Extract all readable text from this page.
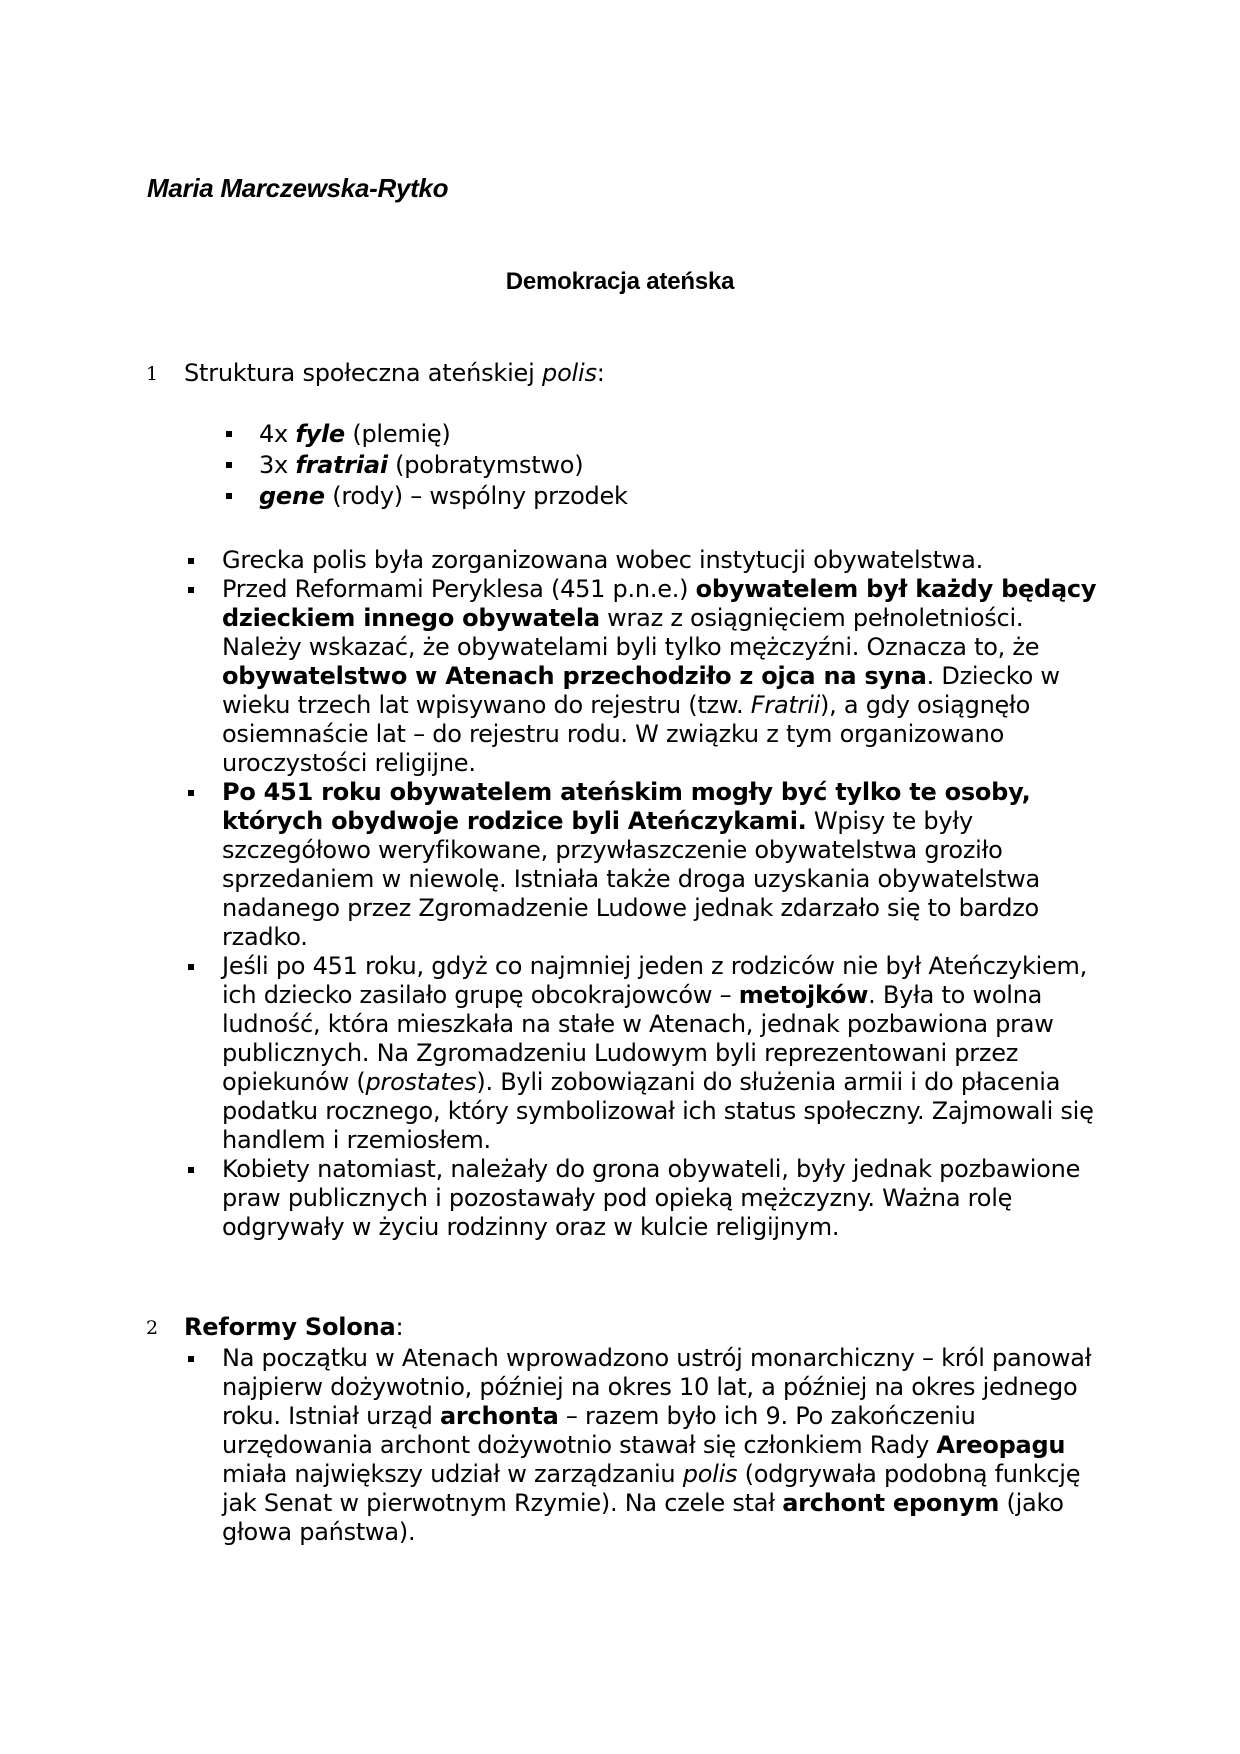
Maria Marczewska-Rytko
Demokracja ateńska
1 Struktura społeczna ateńskiej polis:

4x fyle (plemię)
3x fratriai (pobratymstwo)
gene (rody) – wspólny przodek
Grecka polis była zorganizowana wobec instytucji obywatelstwa.
Przed Reformami Peryklesa (451 p.n.e.) obywatelem był każdy będący dzieckiem innego obywatela wraz z osiągnięciem pełnoletniości. Należy wskazać, że obywatelami byli tylko mężczyźni. Oznacza to, że obywatelstwo w Atenach przechodziło z ojca na syna. Dziecko w wieku trzech lat wpisywano do rejestru (tzw. Fratrii), a gdy osiągnęło osiemnaście lat – do rejestru rodu. W związku z tym organizowano uroczystości religijne.
Po 451 roku obywatelem ateńskim mogły być tylko te osoby, których obydwoje rodzice byli Ateńczykami. Wpisy te były szczegółowo weryfikowane, przywłaszczenie obywatelstwa groziło sprzedaniem w niewolę. Istniała także droga uzyskania obywatelstwa nadanego przez Zgromadzenie Ludowe jednak zdarzało się to bardzo rzadko.
Jeśli po 451 roku, gdyż co najmniej jeden z rodziców nie był Ateńczykiem, ich dziecko zasilało grupę obcokrajowców – metojków. Była to wolna ludność, która mieszkała na stałe w Atenach, jednak pozbawiona praw publicznych. Na Zgromadzeniu Ludowym byli reprezentowani przez opiekunów (prostates). Byli zobowiązani do służenia armii i do płacenia podatku rocznego, który symbolizował ich status społeczny. Zajmowali się handlem i rzemiosłem.
Kobiety natomiast, należały do grona obywateli, były jednak pozbawione praw publicznych i pozostawały pod opieką mężczyzny. Ważna rolę odgrywały w życiu rodzinny oraz w kulcie religijnym.
2 Reformy Solona:

Na początku w Atenach wprowadzono ustrój monarchiczny – król panował najpierw dożywotnio, później na okres 10 lat, a później na okres jednego roku. Istniał urząd archonta – razem było ich 9. Po zakończeniu urzędowania archont dożywotnio stawał się członkiem Rady Areopagu miała największy udział w zarządzaniu polis (odgrywała podobną funkcję jak Senat w pierwotnym Rzymie). Na czele stał archont eponym (jako głowa państwa).
